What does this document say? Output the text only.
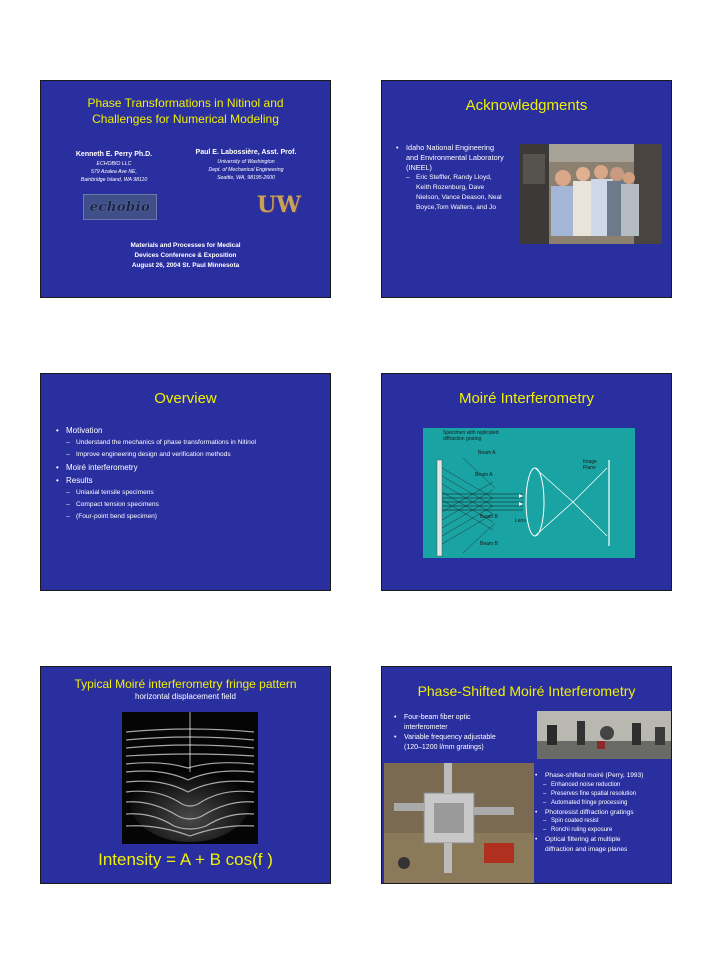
Phase Transformations in Nitinol and
Challenges for Numerical Modeling
Kenneth E. Perry Ph.D.
ECHOBIO LLC
579 Azalea Ave NE,
Bainbridge Island, WA 98110
Paul E. Labossière, Asst. Prof.
University of Washington
Dept. of Mechanical Engineering
Seattle, WA, 98195-2600
echobio	UW
Materials and Processes for Medical
Devices Conference & Exposition
August 26, 2004 St. Paul Minnesota
Acknowledgments
• Idaho National Engineering
and Environmental Laboratory
(INEEL)
– Eric Steffler, Randy Lloyd,
Keith Rozenburg, Dave
Nielson, Vance Deason, Neal
Boyce,Tom Walters, and Jo
Overview
• Motivation
– Understand the mechanics of phase transformations in Nitinol
– Improve engineering design and verification methods
• Moiré interferometry
• Results
– Uniaxial tensile specimens
– Compact tension specimens
– (Four-point bend specimen)
Moiré Interferometry
Specimen with replicated
diffraction grating
Beam A
Beam A
Beam B
Beam B
Lens
Image
Plane
Typical Moiré interferometry fringe pattern
horizontal displacement field
Intensity = A + B cos(f )
Phase-Shifted Moiré Interferometry
• Four-beam fiber optic
interferometer
• Variable frequency adjustable
(120–1200 l/mm gratings)
• Phase-shifted moiré (Perry, 1993)
– Enhanced noise reduction
– Preserves fine spatial resolution
– Automated fringe processing
• Photoresist diffraction gratings
– Spin coated resist
– Ronchi ruling exposure
• Optical filtering at multiple
diffraction and image planes
